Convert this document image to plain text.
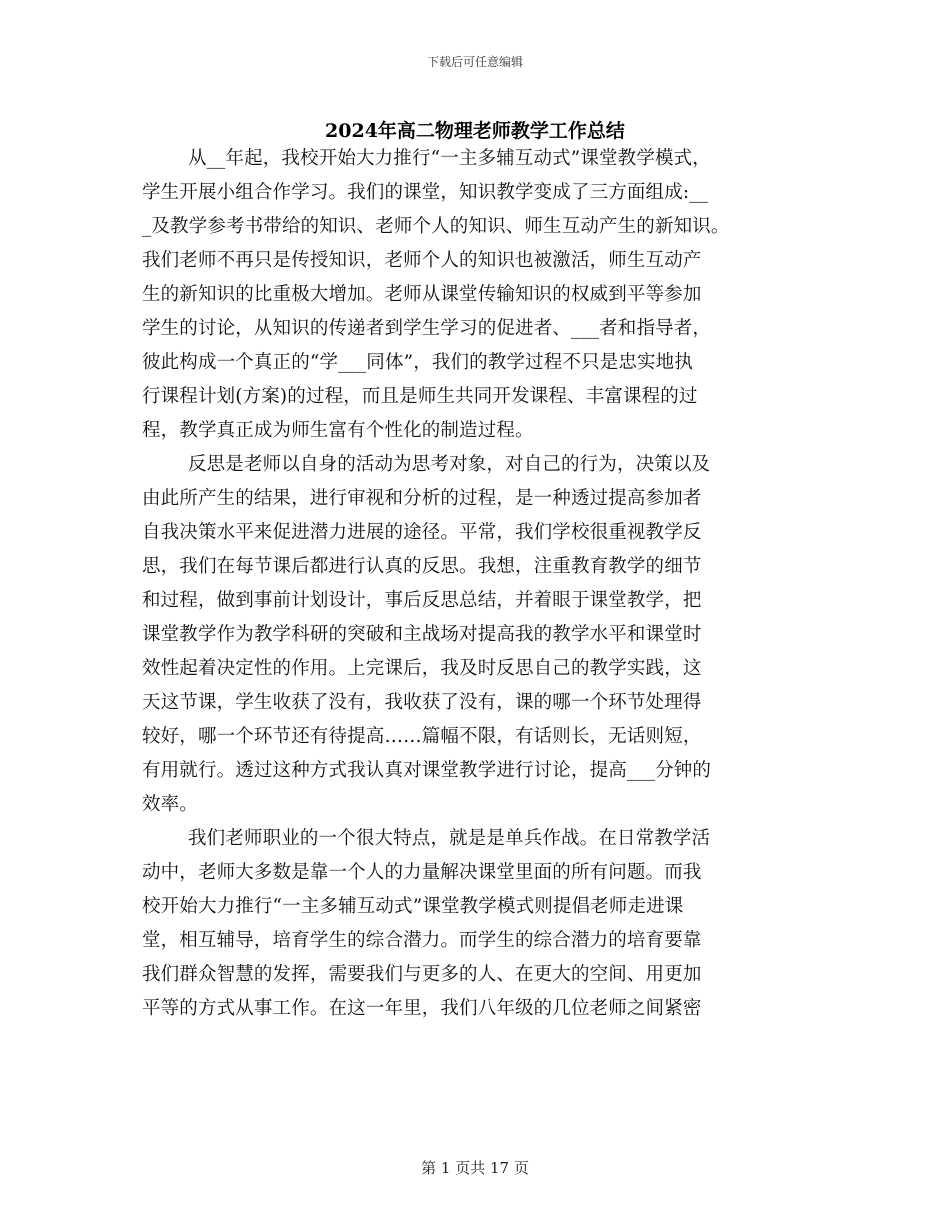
下载后可任意编辑
2024年高二物理老师教学工作总结
从__年起，我校开始大力推行“一主多辅互动式”课堂教学模式，
学生开展小组合作学习。我们的课堂，知识教学变成了三方面组成:__
_及教学参考书带给的知识、老师个人的知识、师生互动产生的新知识。
我们老师不再只是传授知识，老师个人的知识也被激活，师生互动产
生的新知识的比重极大增加。老师从课堂传输知识的权威到平等参加
学生的讨论，从知识的传递者到学生学习的促进者、___者和指导者，
彼此构成一个真正的“学___同体”，我们的教学过程不只是忠实地执
行课程计划(方案)的过程，而且是师生共同开发课程、丰富课程的过
程，教学真正成为师生富有个性化的制造过程。
反思是老师以自身的活动为思考对象，对自己的行为，决策以及
由此所产生的结果，进行审视和分析的过程，是一种透过提高参加者
自我决策水平来促进潜力进展的途径。平常，我们学校很重视教学反
思，我们在每节课后都进行认真的反思。我想，注重教育教学的细节
和过程，做到事前计划设计，事后反思总结，并着眼于课堂教学，把
课堂教学作为教学科研的突破和主战场对提高我的教学水平和课堂时
效性起着决定性的作用。上完课后，我及时反思自己的教学实践，这
天这节课，学生收获了没有，我收获了没有，课的哪一个环节处理得
较好，哪一个环节还有待提高……篇幅不限，有话则长，无话则短，
有用就行。透过这种方式我认真对课堂教学进行讨论，提高___分钟的
效率。
我们老师职业的一个很大特点，就是是单兵作战。在日常教学活
动中，老师大多数是靠一个人的力量解决课堂里面的所有问题。而我
校开始大力推行“一主多辅互动式”课堂教学模式则提倡老师走进课
堂，相互辅导，培育学生的综合潜力。而学生的综合潜力的培育要靠
我们群众智慧的发挥，需要我们与更多的人、在更大的空间、用更加
平等的方式从事工作。在这一年里，我们八年级的几位老师之间紧密
第 1 页共 17 页
